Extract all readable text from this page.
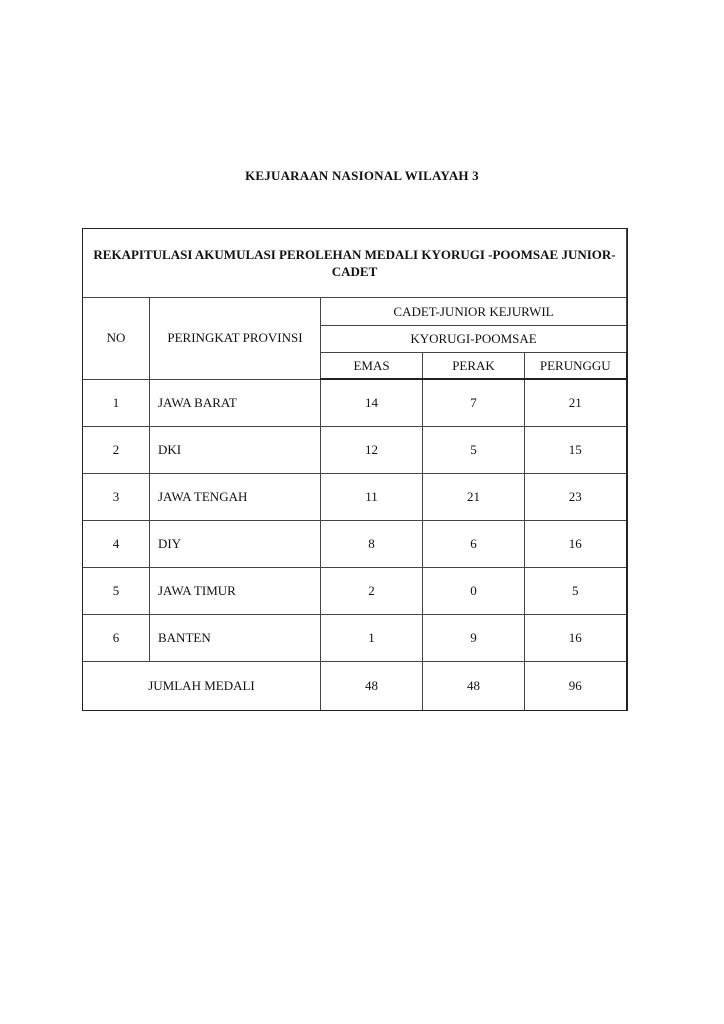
KEJUARAAN NASIONAL WILAYAH 3
REKAPITULASI AKUMULASI PEROLEHAN MEDALI KYORUGI -POOMSAE JUNIOR-CADET				
NO	PERINGKAT PROVINSI	CADET-JUNIOR KEJURWIL		
		KYORUGI-POOMSAE		
		EMAS	PERAK	PERUNGGU
1	JAWA BARAT	14	7	21
2	DKI	12	5	15
3	JAWA TENGAH	11	21	23
4	DIY	8	6	16
5	JAWA TIMUR	2	0	5
6	BANTEN	1	9	16
JUMLAH MEDALI		48	48	96
